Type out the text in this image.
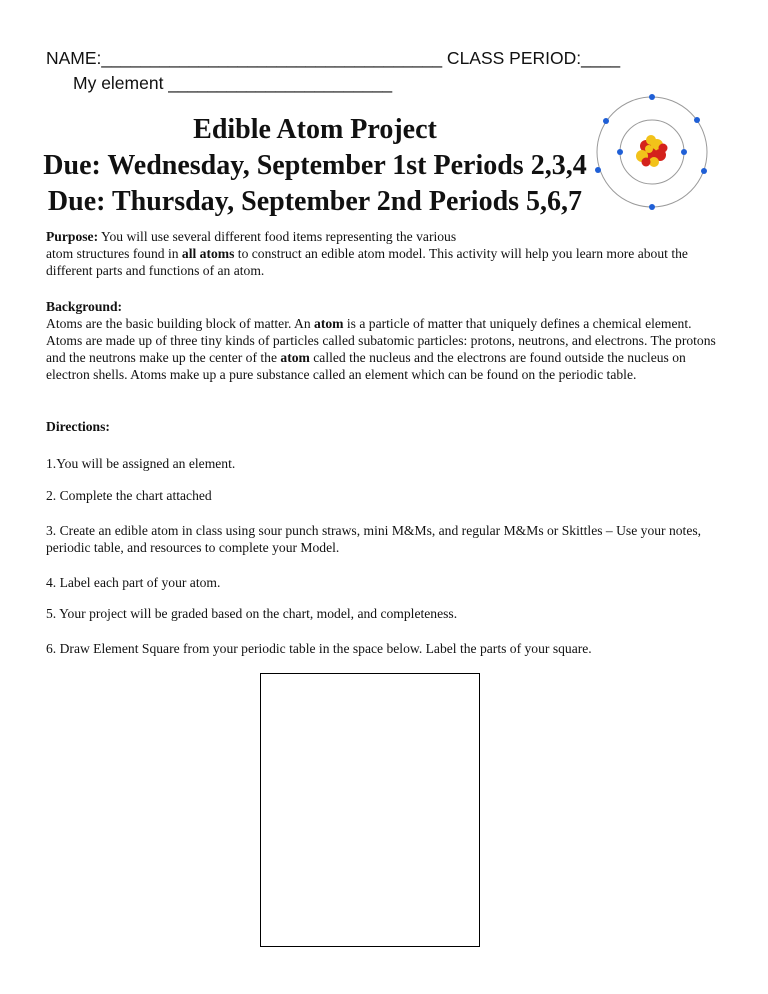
NAME:___________________________________ CLASS PERIOD:____
My element _______________________
Edible Atom Project
Due: Wednesday, September 1st Periods 2,3,4
Due: Thursday, September 2nd Periods 5,6,7
Purpose: You will use several different food items representing the various
atom structures found in all atoms to construct an edible atom model. This activity will help you learn more about the different parts and functions of an atom.
Background:
Atoms are the basic building block of matter. An atom is a particle of matter that uniquely defines a chemical element. Atoms are made up of three tiny kinds of particles called subatomic particles: protons, neutrons, and electrons. The protons and the neutrons make up the center of the atom called the nucleus and the electrons are found outside the nucleus on electron shells. Atoms make up a pure substance called an element which can be found on the periodic table.
Directions:
1.You will be assigned an element.
2. Complete the chart attached
3. Create an edible atom in class using sour punch straws, mini M&Ms, and regular M&Ms or Skittles – Use your notes, periodic table, and resources to complete your Model.
4. Label each part of your atom.
5. Your project will be graded based on the chart, model, and completeness.
6. Draw Element Square from your periodic table in the space below. Label the parts of your square.
